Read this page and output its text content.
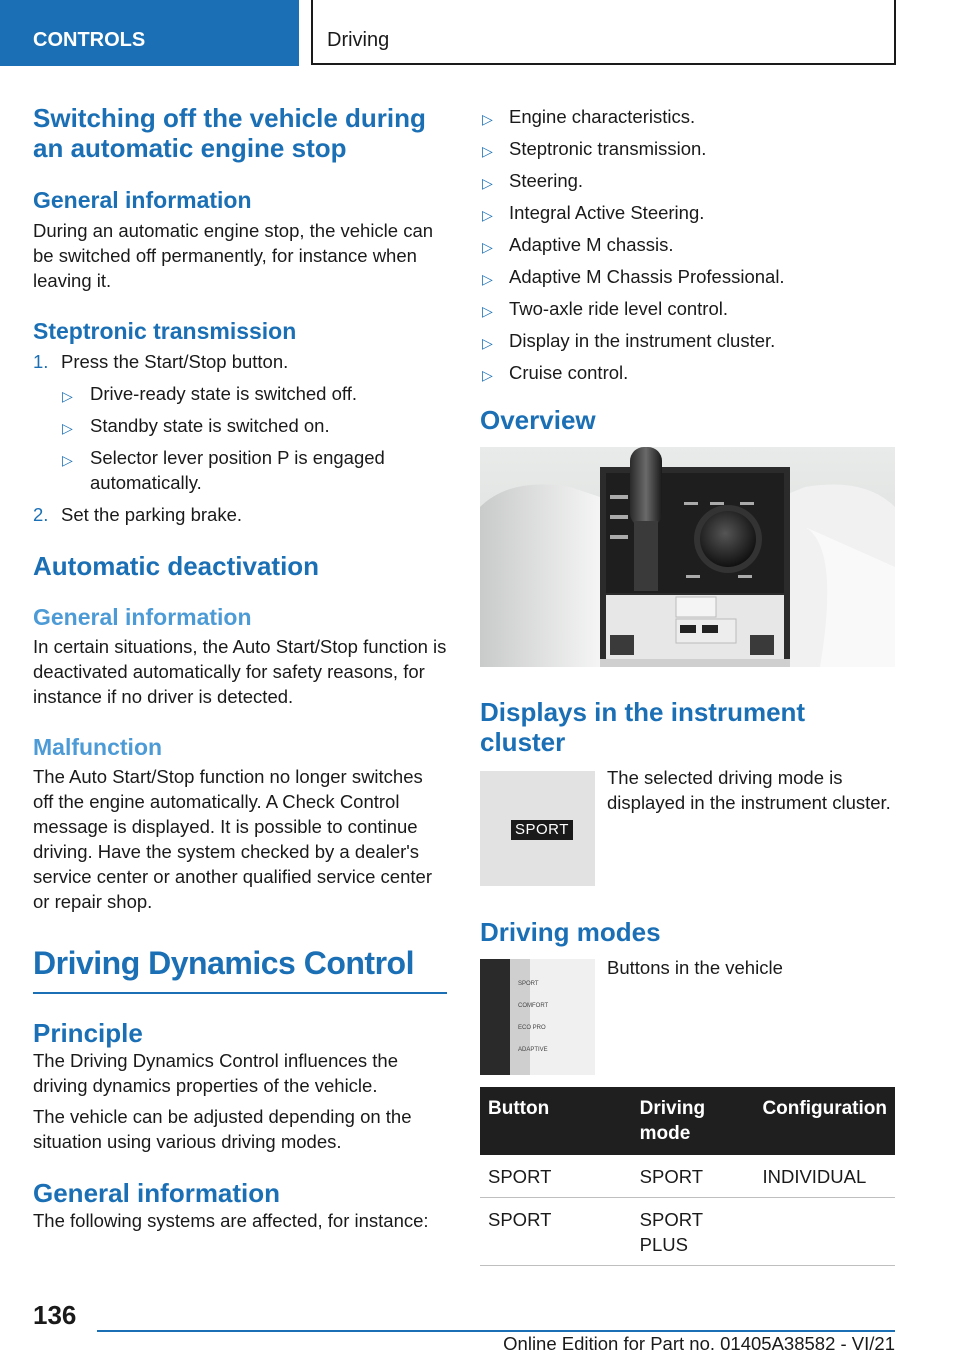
CONTROLS	Driving
Switching off the vehicle during an automatic engine stop
General information

During an automatic engine stop, the vehicle can be switched off permanently, for instance when leaving it.

Steptronic transmission
1. Press the Start/Stop button.
▷ Drive-ready state is switched off.
▷ Standby state is switched on.
▷ Selector lever position P is engaged automatically.
2. Set the parking brake.
Automatic deactivation
General information

In certain situations, the Auto Start/Stop function is deactivated automatically for safety reasons, for instance if no driver is detected.

Malfunction

The Auto Start/Stop function no longer switches off the engine automatically. A Check Control message is displayed. It is possible to continue driving. Have the system checked by a dealer's service center or another qualified service center or repair shop.

Driving Dynamics Control
Principle

The Driving Dynamics Control influences the driving dynamics properties of the vehicle.

The vehicle can be adjusted depending on the situation using various driving modes.

General information

The following systems are affected, for instance:

▷ Engine characteristics.
▷ Steptronic transmission.
▷ Steering.
▷ Integral Active Steering.
▷ Adaptive M chassis.
▷ Adaptive M Chassis Professional.
▷ Two-axle ride level control.
▷ Display in the instrument cluster.
▷ Cruise control.
Overview
Displays in the instrument cluster
SPORT

The selected driving mode is displayed in the instrument cluster.

Driving modes
SPORT
COMFORT
ECO PRO
ADAPTIVE

Buttons in the vehicle

Button	Driving mode	Configuration
SPORT	SPORT	INDIVIDUAL
SPORT	SPORT PLUS	
136
Online Edition for Part no. 01405A38582 - VI/21
